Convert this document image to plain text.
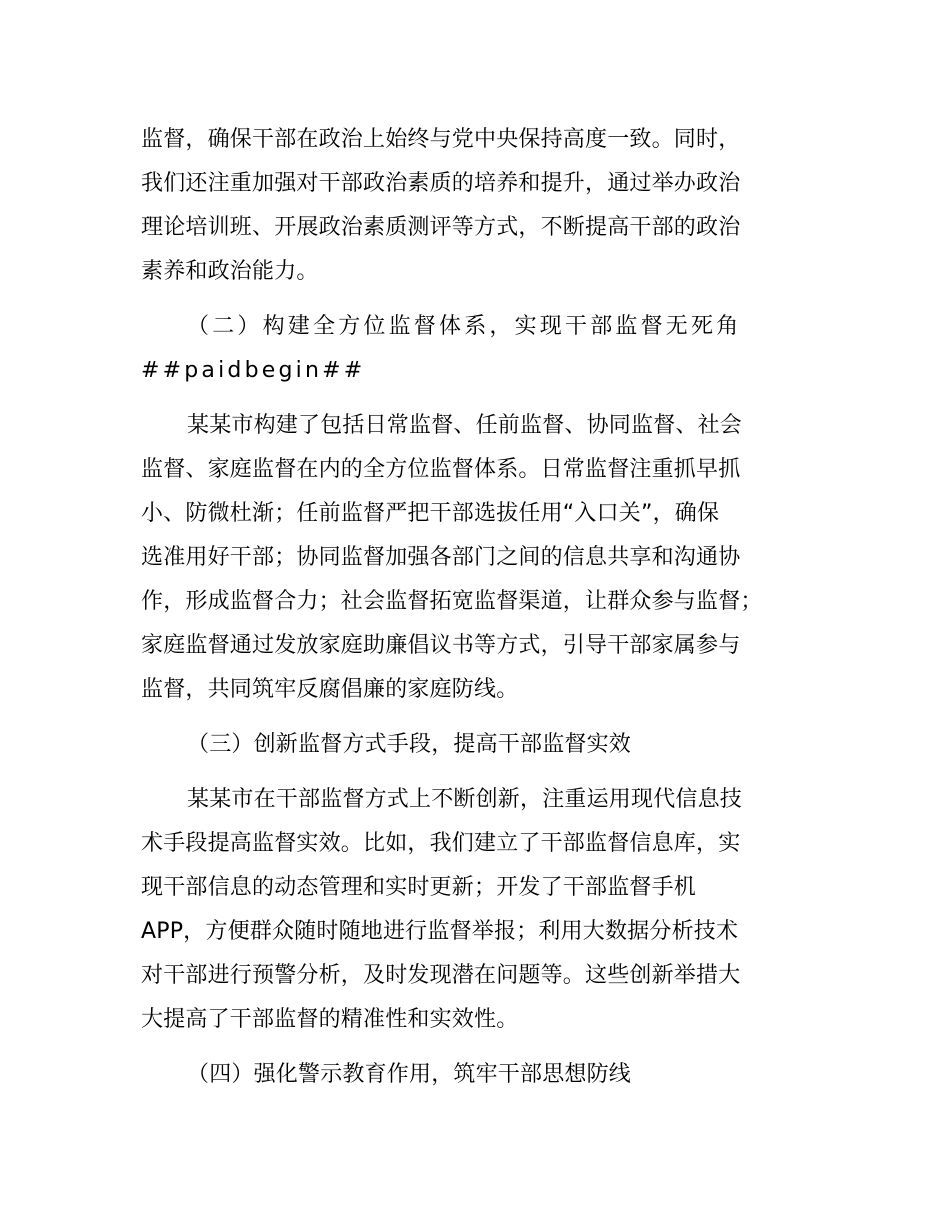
监督，确保干部在政治上始终与党中央保持高度一致。同时，
我们还注重加强对干部政治素质的培养和提升，通过举办政治
理论培训班、开展政治素质测评等方式，不断提高干部的政治
素养和政治能力。
（二）构建全方位监督体系，实现干部监督无死角
##paidbegin##
某某市构建了包括日常监督、任前监督、协同监督、社会
监督、家庭监督在内的全方位监督体系。日常监督注重抓早抓
小、防微杜渐；任前监督严把干部选拔任用“入口关”，确保
选准用好干部；协同监督加强各部门之间的信息共享和沟通协
作，形成监督合力；社会监督拓宽监督渠道，让群众参与监督；
家庭监督通过发放家庭助廉倡议书等方式，引导干部家属参与
监督，共同筑牢反腐倡廉的家庭防线。
（三）创新监督方式手段，提高干部监督实效
某某市在干部监督方式上不断创新，注重运用现代信息技
术手段提高监督实效。比如，我们建立了干部监督信息库，实
现干部信息的动态管理和实时更新；开发了干部监督手机
APP，方便群众随时随地进行监督举报；利用大数据分析技术
对干部进行预警分析，及时发现潜在问题等。这些创新举措大
大提高了干部监督的精准性和实效性。
（四）强化警示教育作用，筑牢干部思想防线
